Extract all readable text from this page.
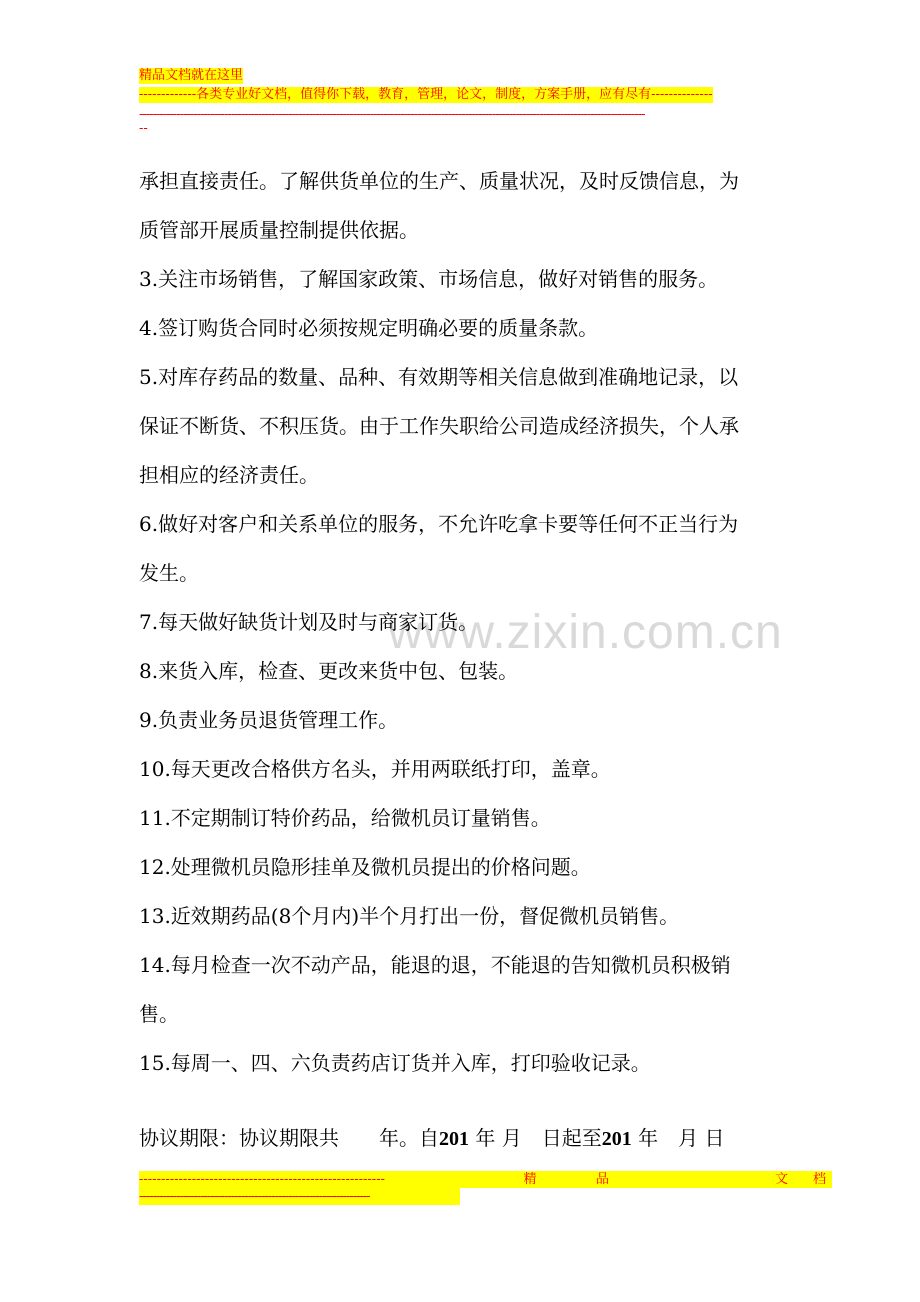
精品文档就在这里
-------------各类专业好文档，值得你下载，教育，管理，论文，制度，方案手册，应有尽有--------------
-----------------------------------------------------------------------------------------------------------------------------------------------------
--
www.zixin.com.cn

承担直接责任。了解供货单位的生产、质量状况，及时反馈信息，为

质管部开展质量控制提供依据。

3.关注市场销售，了解国家政策、市场信息，做好对销售的服务。

4.签订购货合同时必须按规定明确必要的质量条款。

5.对库存药品的数量、品种、有效期等相关信息做到准确地记录，以

保证不断货、不积压货。由于工作失职给公司造成经济损失，个人承

担相应的经济责任。

6.做好对客户和关系单位的服务，不允许吃拿卡要等任何不正当行为

发生。

7.每天做好缺货计划及时与商家订货。

8.来货入库，检查、更改来货中包、包装。

9.负责业务员退货管理工作。

10.每天更改合格供方名头，并用两联纸打印，盖章。

11.不定期制订特价药品，给微机员订量销售。

12.处理微机员隐形挂单及微机员提出的价格问题。

13.近效期药品(8个月内)半个月打出一份，督促微机员销售。

14.每月检查一次不动产品，能退的退，不能退的告知微机员积极销

售。

15.每周一、四、六负责药店订货并入库，打印验收记录。

协议期限：协议期限共 年。自201 年 月 日起至201 年 月 日
--------------------------------------------------------	精	品	文 档
--------------------------------------------------------------------
